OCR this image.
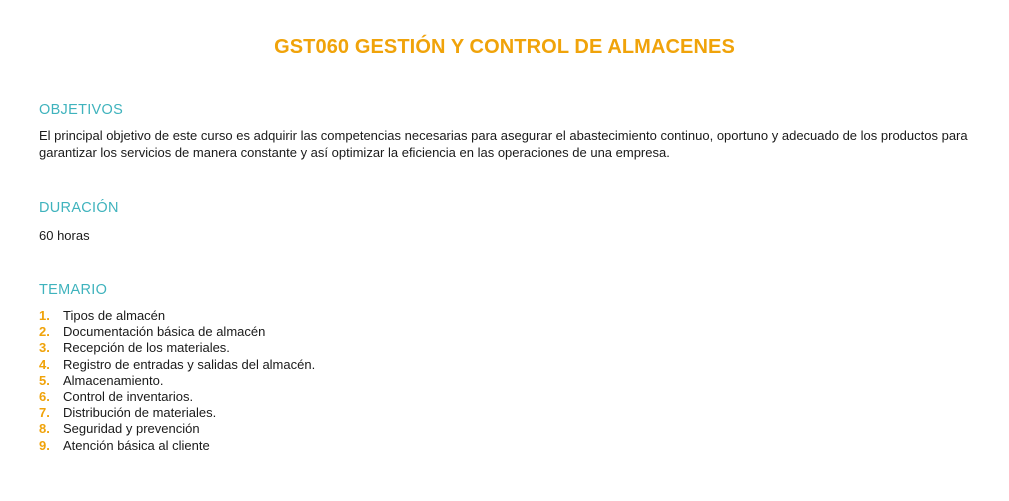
GST060 GESTIÓN Y CONTROL DE ALMACENES
OBJETIVOS

El principal objetivo de este curso es adquirir las competencias necesarias para asegurar el abastecimiento continuo, oportuno y adecuado de los productos para garantizar los servicios de manera constante y así optimizar la eficiencia en las operaciones de una empresa.

DURACIÓN

60 horas

TEMARIO
1. Tipos de almacén
2. Documentación básica de almacén
3. Recepción de los materiales.
4. Registro de entradas y salidas del almacén.
5. Almacenamiento.
6. Control de inventarios.
7. Distribución de materiales.
8. Seguridad y prevención
9. Atención básica al cliente
